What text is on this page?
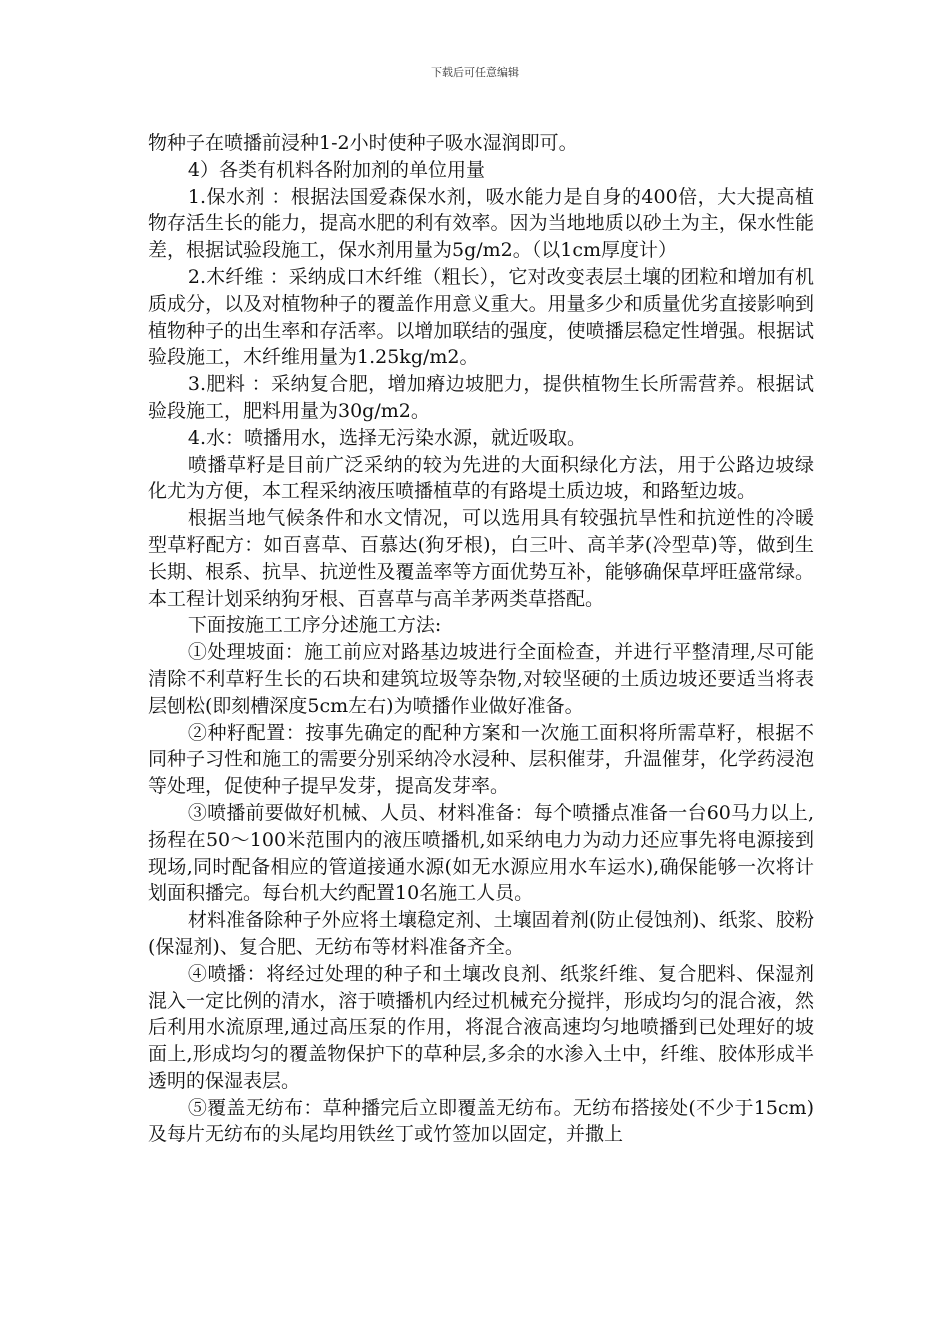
下载后可任意编辑

物种子在喷播前浸种1-2小时使种子吸水湿润即可。

4）各类有机料各附加剂的单位用量

1.保水剂 ：根据法国爱森保水剂，吸水能力是自身的400倍，大大提高植物存活生长的能力，提高水肥的利有效率。因为当地地质以砂土为主，保水性能差，根据试验段施工，保水剂用量为5g/m2。（以1cm厚度计）

2.木纤维 ：采纳成口木纤维（粗长），它对改变表层土壤的团粒和增加有机质成分，以及对植物种子的覆盖作用意义重大。用量多少和质量优劣直接影响到植物种子的出生率和存活率。以增加联结的强度，使喷播层稳定性增强。根据试验段施工，木纤维用量为1.25kg/m2。

3.肥料 ：采纳复合肥，增加瘠边坡肥力，提供植物生长所需营养。根据试验段施工，肥料用量为30g/m2。

4.水：喷播用水，选择无污染水源，就近吸取。

喷播草籽是目前广泛采纳的较为先进的大面积绿化方法，用于公路边坡绿化尤为方便，本工程采纳液压喷播植草的有路堤土质边坡，和路堑边坡。

根据当地气候条件和水文情况，可以选用具有较强抗旱性和抗逆性的冷暖型草籽配方：如百喜草、百慕达(狗牙根)，白三叶、高羊茅(冷型草)等，做到生长期、根系、抗旱、抗逆性及覆盖率等方面优势互补，能够确保草坪旺盛常绿。本工程计划采纳狗牙根、百喜草与高羊茅两类草搭配。

下面按施工工序分述施工方法:

①处理坡面：施工前应对路基边坡进行全面检查，并进行平整清理,尽可能清除不利草籽生长的石块和建筑垃圾等杂物,对较坚硬的土质边坡还要适当将表层刨松(即刻槽深度5cm左右)为喷播作业做好准备。

②种籽配置：按事先确定的配种方案和一次施工面积将所需草籽，根据不同种子习性和施工的需要分别采纳冷水浸种、层积催芽，升温催芽，化学药浸泡等处理，促使种子提早发芽，提高发芽率。

③喷播前要做好机械、人员、材料准备：每个喷播点准备一台60马力以上,扬程在50～100米范围内的液压喷播机,如采纳电力为动力还应事先将电源接到现场,同时配备相应的管道接通水源(如无水源应用水车运水),确保能够一次将计划面积播完。每台机大约配置10名施工人员。

材料准备除种子外应将土壤稳定剂、土壤固着剂(防止侵蚀剂)、纸浆、胶粉(保湿剂)、复合肥、无纺布等材料准备齐全。

④喷播：将经过处理的种子和土壤改良剂、纸浆纤维、复合肥料、保湿剂混入一定比例的清水，溶于喷播机内经过机械充分搅拌，形成均匀的混合液，然后利用水流原理,通过高压泵的作用，将混合液高速均匀地喷播到已处理好的坡面上,形成均匀的覆盖物保护下的草种层,多余的水渗入土中，纤维、胶体形成半透明的保湿表层。

⑤覆盖无纺布：草种播完后立即覆盖无纺布。无纺布搭接处(不少于15cm)及每片无纺布的头尾均用铁丝丁或竹签加以固定，并撒上
